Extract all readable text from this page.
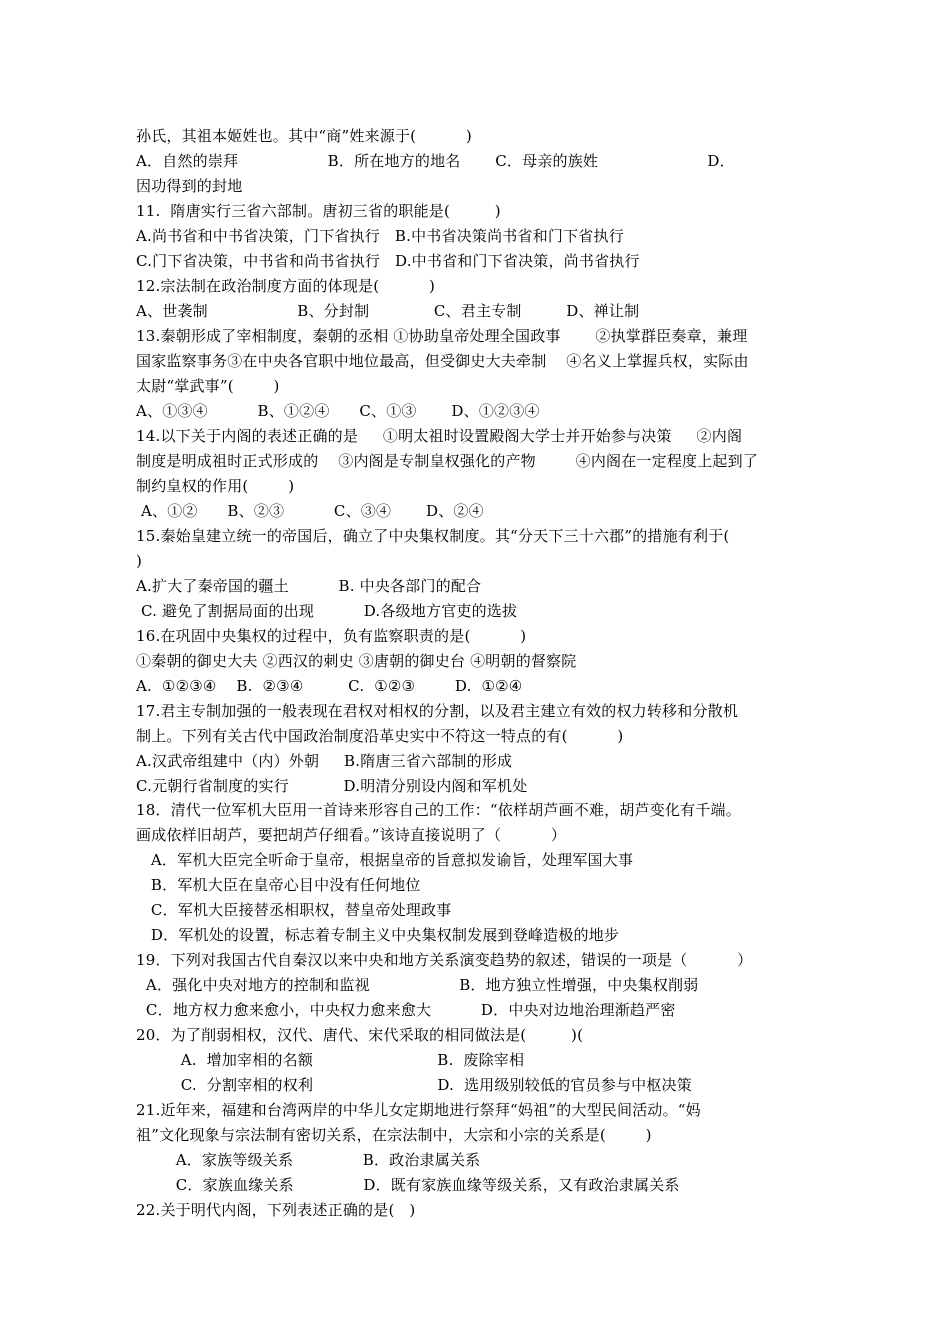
孙氏，其祖本姬姓也。其中“商”姓来源于(          )
A．自然的崇拜                  B．所在地方的地名       C．母亲的族姓                      D．
因功得到的封地
11.  隋唐实行三省六部制。唐初三省的职能是(         )
A.尚书省和中书省决策，门下省执行   B.中书省决策尚书省和门下省执行
C.门下省决策，中书省和尚书省执行   D.中书省和门下省决策，尚书省执行
12.宗法制在政治制度方面的体现是(          )
A、世袭制                  B、分封制             C、君主专制         D、禅让制
13.秦朝形成了宰相制度，秦朝的丞相 ①协助皇帝处理全国政事       ②执掌群臣奏章，兼理
国家监察事务③在中央各官职中地位最高，但受御史大夫牵制    ④名义上掌握兵权，实际由
太尉“掌武事”(        )
A、①③④          B、①②④      C、①③       D、①②③④
14.以下关于内阁的表述正确的是     ①明太祖时设置殿阁大学士并开始参与决策     ②内阁
制度是明成祖时正式形成的    ③内阁是专制皇权强化的产物        ④内阁在一定程度上起到了
制约皇权的作用(        )
A、①②      B、②③          C、③④       D、②④
15.秦始皇建立统一的帝国后，确立了中央集权制度。其“分天下三十六郡”的措施有利于(
)
A.扩大了秦帝国的疆土          B. 中央各部门的配合
C. 避免了割据局面的出现          D.各级地方官吏的选拔
16.在巩固中央集权的过程中，负有监察职责的是(          )
①秦朝的御史大夫 ②西汉的刺史 ③唐朝的御史台 ④明朝的督察院
A.  ①②③④    B.  ②③④         C.  ①②③        D.  ①②④
17.君主专制加强的一般表现在君权对相权的分割，以及君主建立有效的权力转移和分散机
制上。下列有关古代中国政治制度沿革史实中不符这一特点的有(          )
A.汉武帝组建中（内）外朝     B.隋唐三省六部制的形成
C.元朝行省制度的实行           D.明清分别设内阁和军机处
18．清代一位军机大臣用一首诗来形容自己的工作：“依样胡芦画不难，胡芦变化有千端。
画成依样旧胡芦，要把胡芦仔细看。”该诗直接说明了（          ）
A．军机大臣完全听命于皇帝，根据皇帝的旨意拟发谕旨，处理军国大事
B．军机大臣在皇帝心目中没有任何地位
C．军机大臣接替丞相职权，替皇帝处理政事
D．军机处的设置，标志着专制主义中央集权制发展到登峰造极的地步
19．下列对我国古代自秦汉以来中央和地方关系演变趋势的叙述，错误的一项是（          ）
A．强化中央对地方的控制和监视                  B．地方独立性增强，中央集权削弱
C．地方权力愈来愈小，中央权力愈来愈大          D．中央对边地治理渐趋严密
20．为了削弱相权，汉代、唐代、宋代采取的相同做法是(         )(
A.  增加宰相的名额                         B.  废除宰相
C.  分割宰相的权利                         D.  选用级别较低的官员参与中枢决策
21.近年来，福建和台湾两岸的中华儿女定期地进行祭拜“妈祖”的大型民间活动。“妈
祖”文化现象与宗法制有密切关系，在宗法制中，大宗和小宗的关系是(        )
A．家族等级关系              B．政治隶属关系
C．家族血缘关系              D．既有家族血缘等级关系，又有政治隶属关系
22.关于明代内阁，下列表述正确的是(   )
